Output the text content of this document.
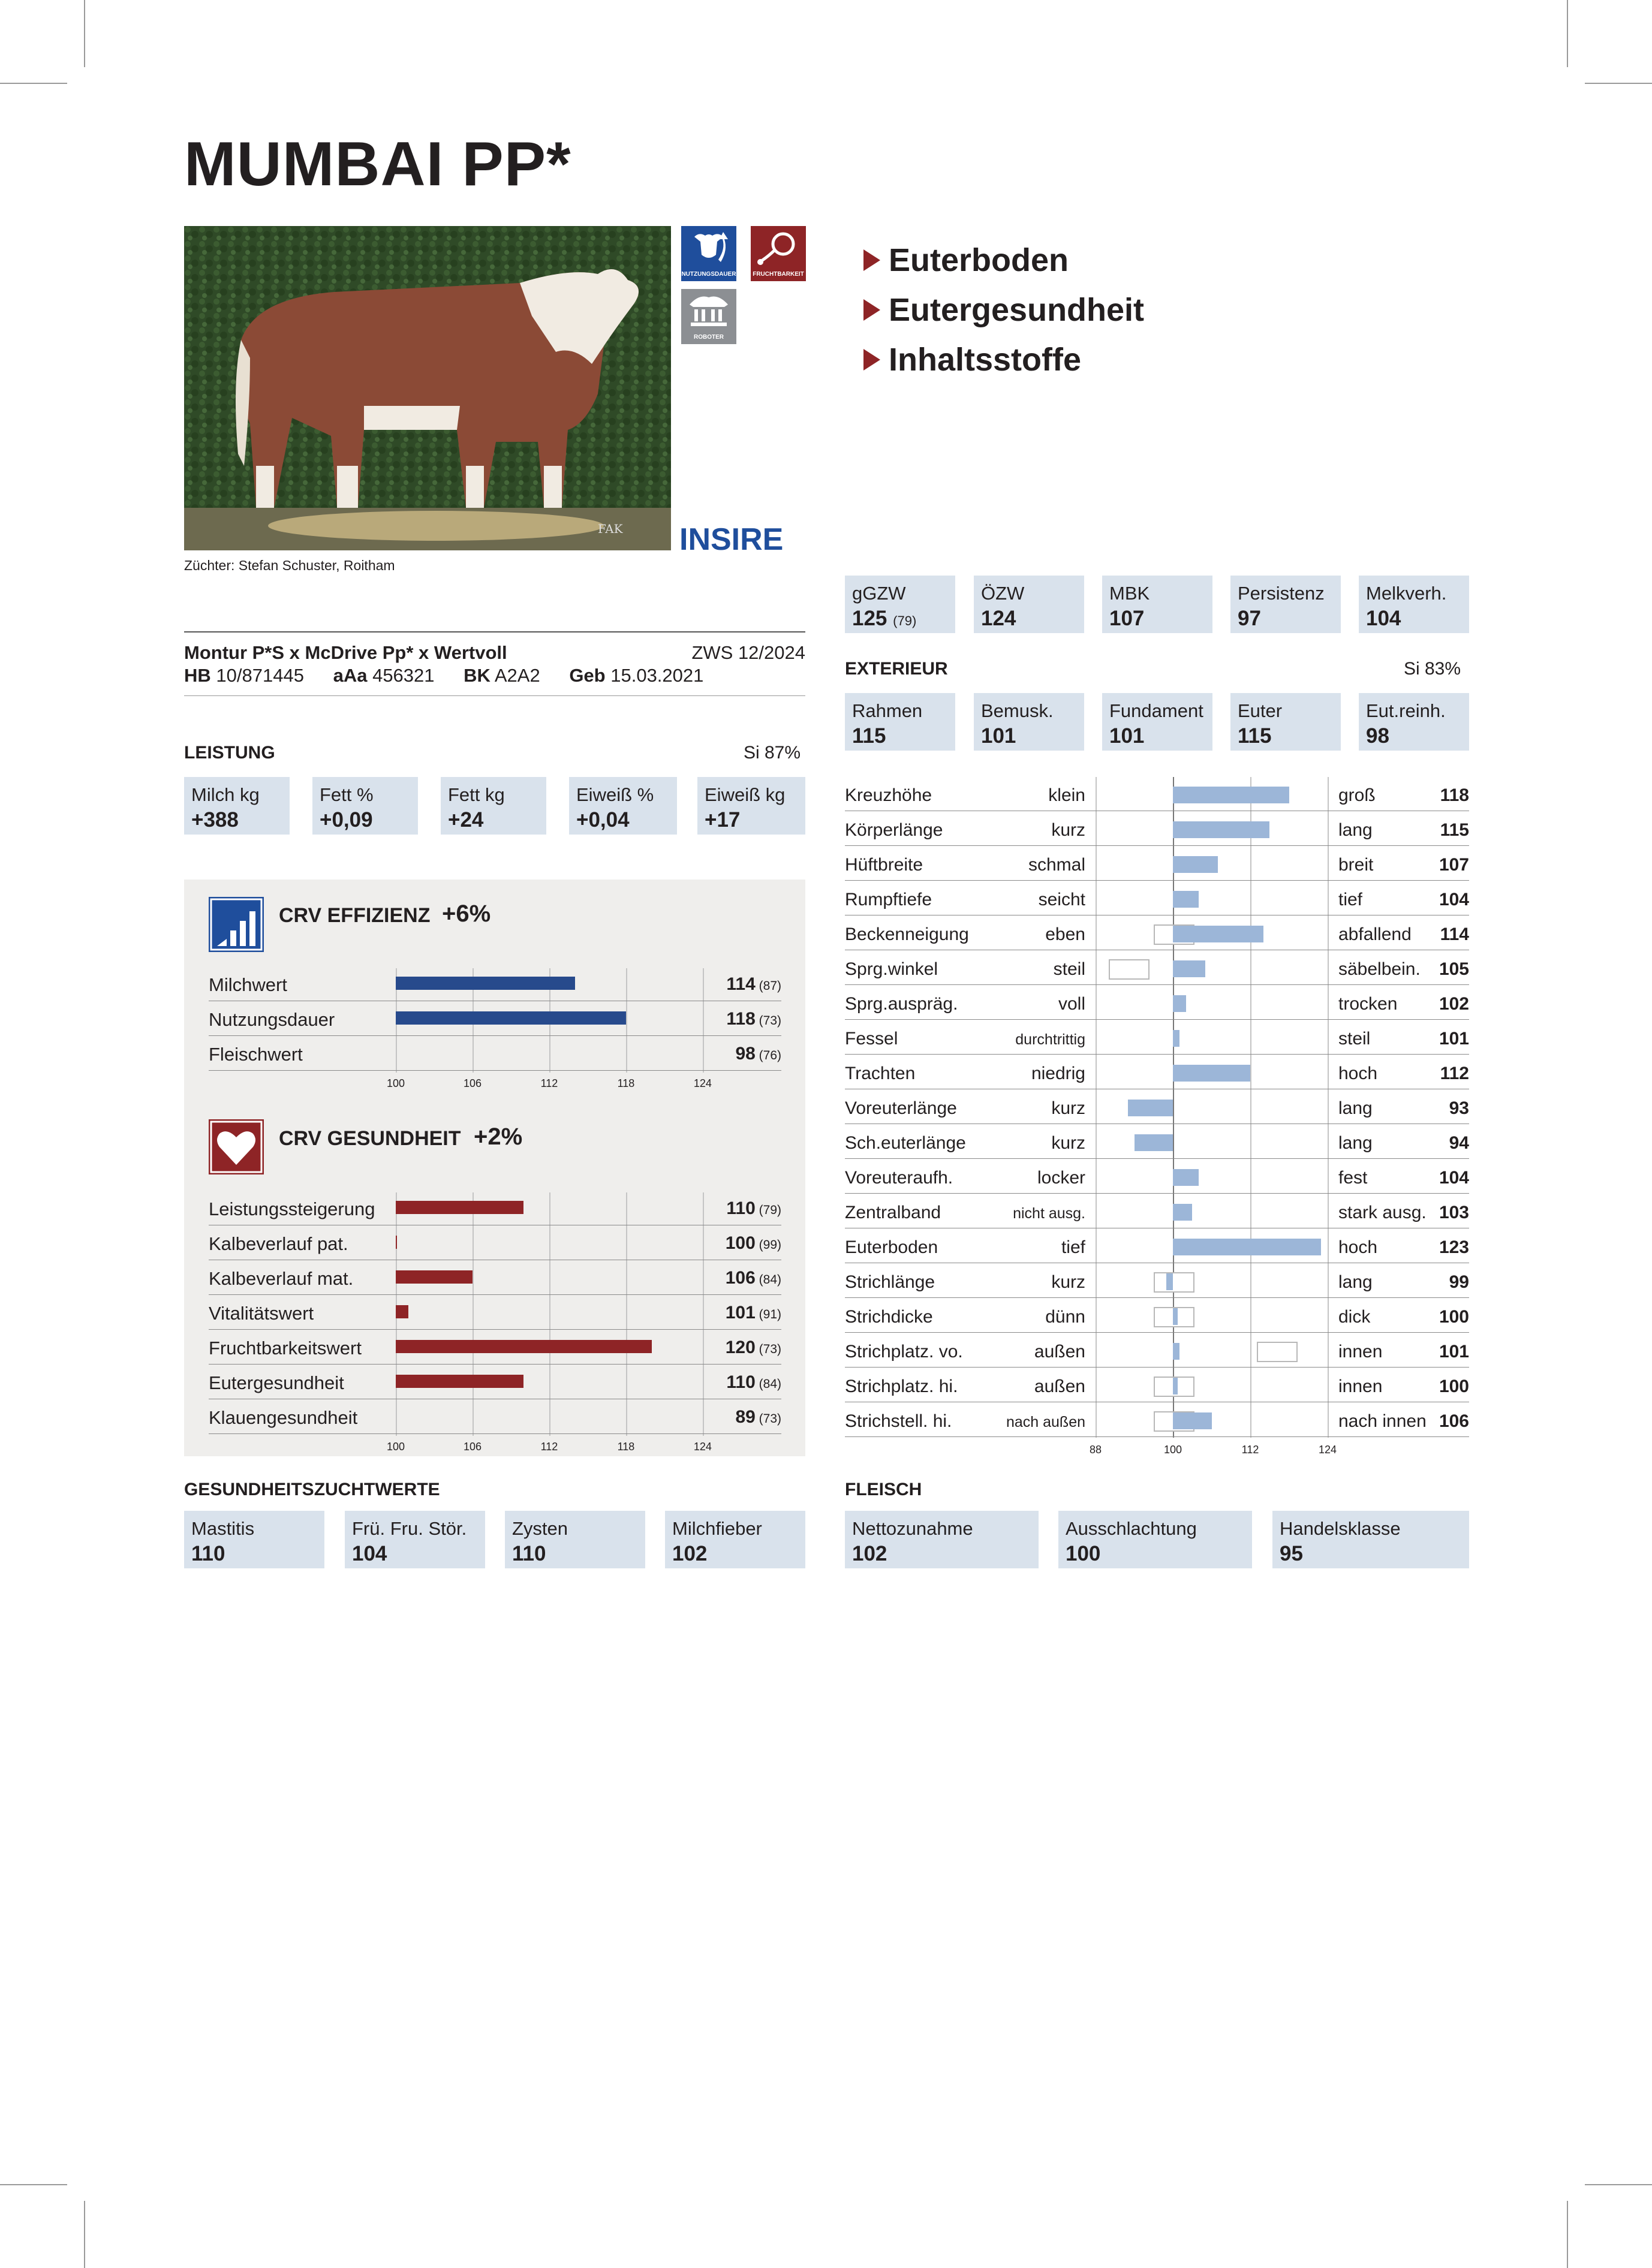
MUMBAI PP*
FAK
NUTZUNGSDAUER	FRUCHTBARKEIT
ROBOTER
INSIRE
Züchter: Stefan Schuster, Roitham
Euterboden
Eutergesundheit
Inhaltsstoffe
Montur P*S x McDrive Pp* x Wertvoll	ZWS 12/2024
HB 10/871445 aAa 456321 BK A2A2 Geb 15.03.2021
LEISTUNG	Si 87%
Milch kg
+388
Fett %
+0,09
Fett kg
+24
Eiweiß %
+0,04
Eiweiß kg
+17
gGZW
125 (79)
ÖZW
124
MBK
107
Persistenz
97
Melkverh.
104
EXTERIEUR	Si 83%
Rahmen
115
Bemusk.
101
Fundament
101
Euter
115
Eut.reinh.
98
CRV EFFIZIENZ +6%
Milchwert	114 (87)
Nutzungsdauer	118 (73)
Fleischwert	98 (76)
100	106	112	118	124
CRV GESUNDHEIT +2%
Leistungssteigerung	110 (79)
Kalbeverlauf pat.	100 (99)
Kalbeverlauf mat.	106 (84)
Vitalitätswert	101 (91)
Fruchtbarkeitswert	120 (73)
Eutergesundheit	110 (84)
Klauengesundheit	89 (73)
100	106	112	118	124
Kreuzhöhe	klein	groß	118
Körperlänge	kurz	lang	115
Hüftbreite	schmal	breit	107
Rumpftiefe	seicht	tief	104
Beckenneigung	eben	abfallend	114
Sprg.winkel	steil	säbelbein.	105
Sprg.auspräg.	voll	trocken	102
Fessel	durchtrittig	steil	101
Trachten	niedrig	hoch	112
Voreuterlänge	kurz	lang	93
Sch.euterlänge	kurz	lang	94
Voreuteraufh.	locker	fest	104
Zentralband	nicht ausg.	stark ausg. 103
Euterboden	tief	hoch	123
Strichlänge	kurz	lang	99
Strichdicke	dünn	dick	100
Strichplatz. vo.	außen	innen	101
Strichplatz. hi.	außen	innen	100
Strichstell. hi.	nach außen	nach innen 106
88	100	112	124
GESUNDHEITSZUCHTWERTE
Mastitis
110
Frü. Fru. Stör.
104
Zysten
110
Milchfieber
102
FLEISCH
Nettozunahme
102
Ausschlachtung
100
Handelsklasse
95
